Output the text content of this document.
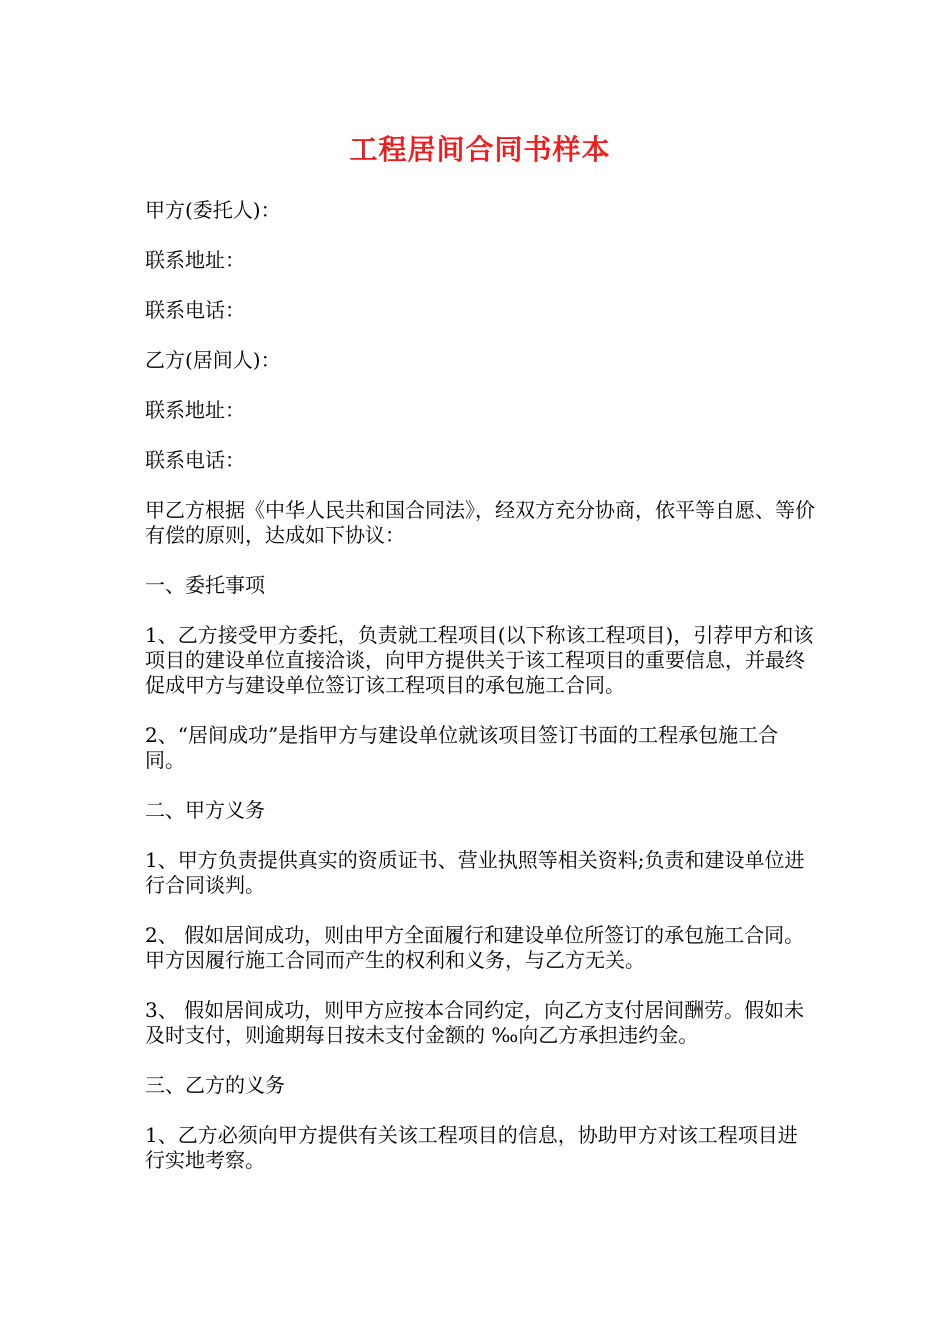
工程居间合同书样本

甲方(委托人)：

联系地址：

联系电话：

乙方(居间人)：

联系地址：

联系电话：

甲乙方根据《中华人民共和国合同法》，经双方充分协商，依平等自愿、等价有偿的原则，达成如下协议：

一、委托事项

1、乙方接受甲方委托，负责就工程项目(以下称该工程项目)，引荐甲方和该项目的建设单位直接洽谈，向甲方提供关于该工程项目的重要信息，并最终促成甲方与建设单位签订该工程项目的承包施工合同。

2、“居间成功”是指甲方与建设单位就该项目签订书面的工程承包施工合同。

二、甲方义务

1、甲方负责提供真实的资质证书、营业执照等相关资料;负责和建设单位进行合同谈判。

2、 假如居间成功，则由甲方全面履行和建设单位所签订的承包施工合同。甲方因履行施工合同而产生的权利和义务，与乙方无关。

3、 假如居间成功，则甲方应按本合同约定，向乙方支付居间酬劳。假如未及时支付，则逾期每日按未支付金额的 ‰向乙方承担违约金。

三、乙方的义务

1、乙方必须向甲方提供有关该工程项目的信息，协助甲方对该工程项目进行实地考察。
